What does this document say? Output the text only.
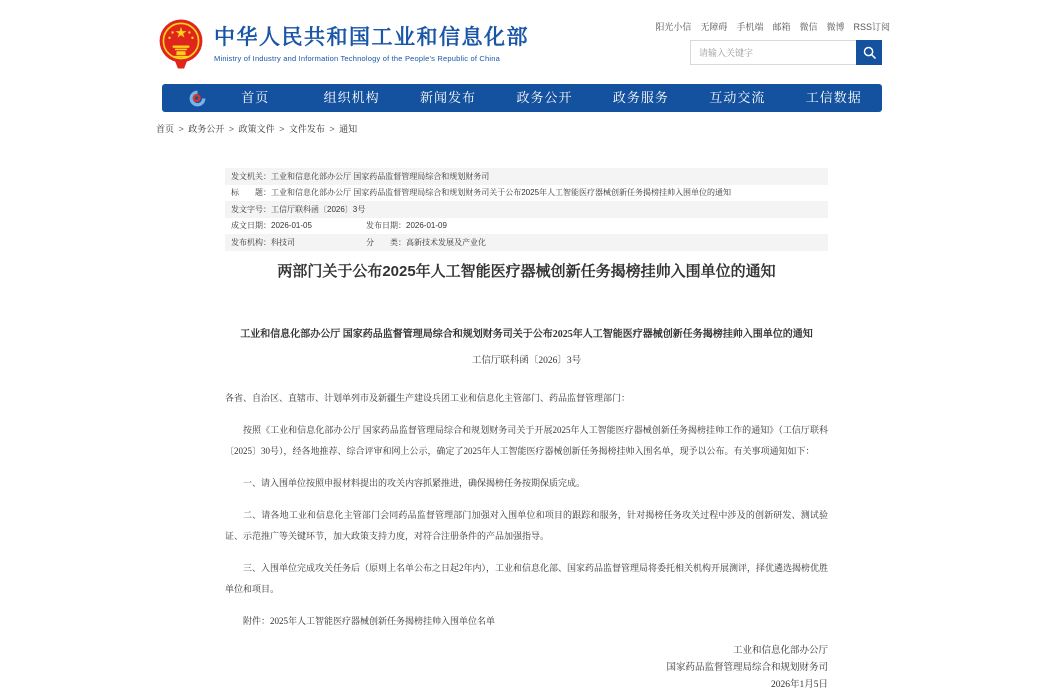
中华人民共和国工业和信息化部
Ministry of Industry and Information Technology of the People's Republic of China
阳光小信 无障碍 手机端 邮箱 微信 微博 RSS订阅
请输入关键字
首页	组织机构	新闻发布	政务公开	政务服务	互动交流	工信数据
首页 > 政务公开 > 政策文件 > 文件发布 > 通知
发文机关：工业和信息化部办公厅 国家药品监督管理局综合和规划财务司
标　　题：工业和信息化部办公厅 国家药品监督管理局综合和规划财务司关于公布2025年人工智能医疗器械创新任务揭榜挂帅入围单位的通知
发文字号：工信厅联科函〔2026〕3号
成文日期：2026-01-05	发布日期：2026-01-09
发布机构：科技司	分　　类：高新技术发展及产业化
两部门关于公布2025年人工智能医疗器械创新任务揭榜挂帅入围单位的通知
工业和信息化部办公厅 国家药品监督管理局综合和规划财务司关于公布2025年人工智能医疗器械创新任务揭榜挂帅入围单位的通知
工信厅联科函〔2026〕3号

各省、自治区、直辖市、计划单列市及新疆生产建设兵团工业和信息化主管部门、药品监督管理部门：

按照《工业和信息化部办公厅 国家药品监督管理局综合和规划财务司关于开展2025年人工智能医疗器械创新任务揭榜挂帅工作的通知》（工信厅联科〔2025〕30号），经各地推荐、综合评审和网上公示，确定了2025年人工智能医疗器械创新任务揭榜挂帅入围名单，现予以公布。有关事项通知如下：

一、请入围单位按照申报材料提出的攻关内容抓紧推进，确保揭榜任务按期保质完成。

二、请各地工业和信息化主管部门会同药品监督管理部门加强对入围单位和项目的跟踪和服务，针对揭榜任务攻关过程中涉及的创新研发、测试验证、示范推广等关键环节，加大政策支持力度，对符合注册条件的产品加强指导。

三、入围单位完成攻关任务后（原则上名单公布之日起2年内），工业和信息化部、国家药品监督管理局将委托相关机构开展测评，择优遴选揭榜优胜单位和项目。

附件：2025年人工智能医疗器械创新任务揭榜挂帅入围单位名单

工业和信息化部办公厅
国家药品监督管理局综合和规划财务司
2026年1月5日
